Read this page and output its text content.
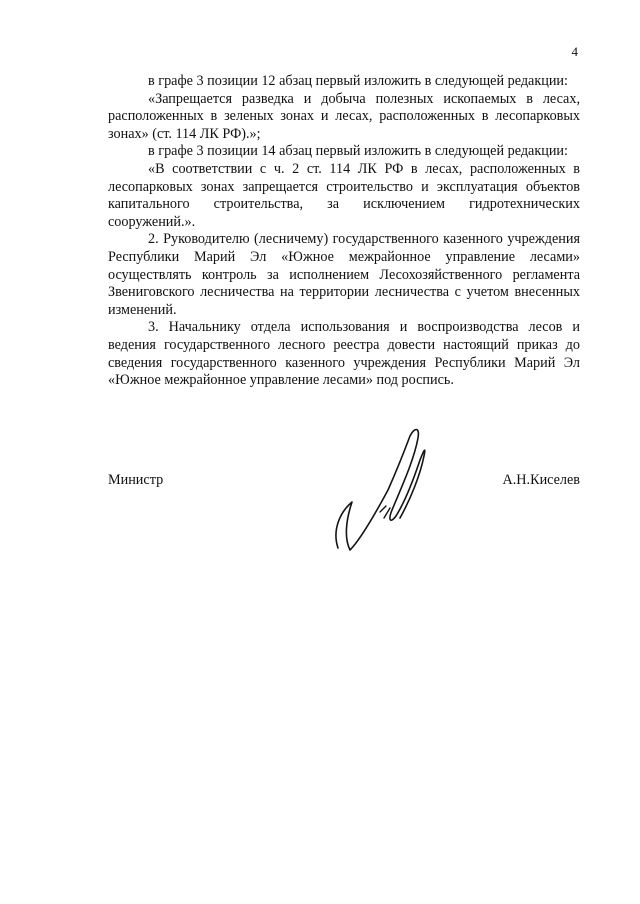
4

в графе 3 позиции 12 абзац первый изложить в следующей редакции:

«Запрещается разведка и добыча полезных ископаемых в лесах, расположенных в зеленых зонах и лесах, расположенных в лесопарковых зонах» (ст. 114 ЛК РФ).»;

в графе 3 позиции 14 абзац первый изложить в следующей редакции:

«В соответствии с ч. 2 ст. 114 ЛК РФ в лесах, расположенных в лесопарковых зонах запрещается строительство и эксплуатация объектов капитального строительства, за исключением гидротехнических сооружений.».

2. Руководителю (лесничему) государственного казенного учреждения Республики Марий Эл «Южное межрайонное управление лесами» осуществлять контроль за исполнением Лесохозяйственного регламента Звениговского лесничества на территории лесничества с учетом внесенных изменений.

3. Начальнику отдела использования и воспроизводства лесов и ведения государственного лесного реестра довести настоящий приказ до сведения государственного казенного учреждения Республики Марий Эл «Южное межрайонное управление лесами» под роспись.

Министр	А.Н.Киселев
